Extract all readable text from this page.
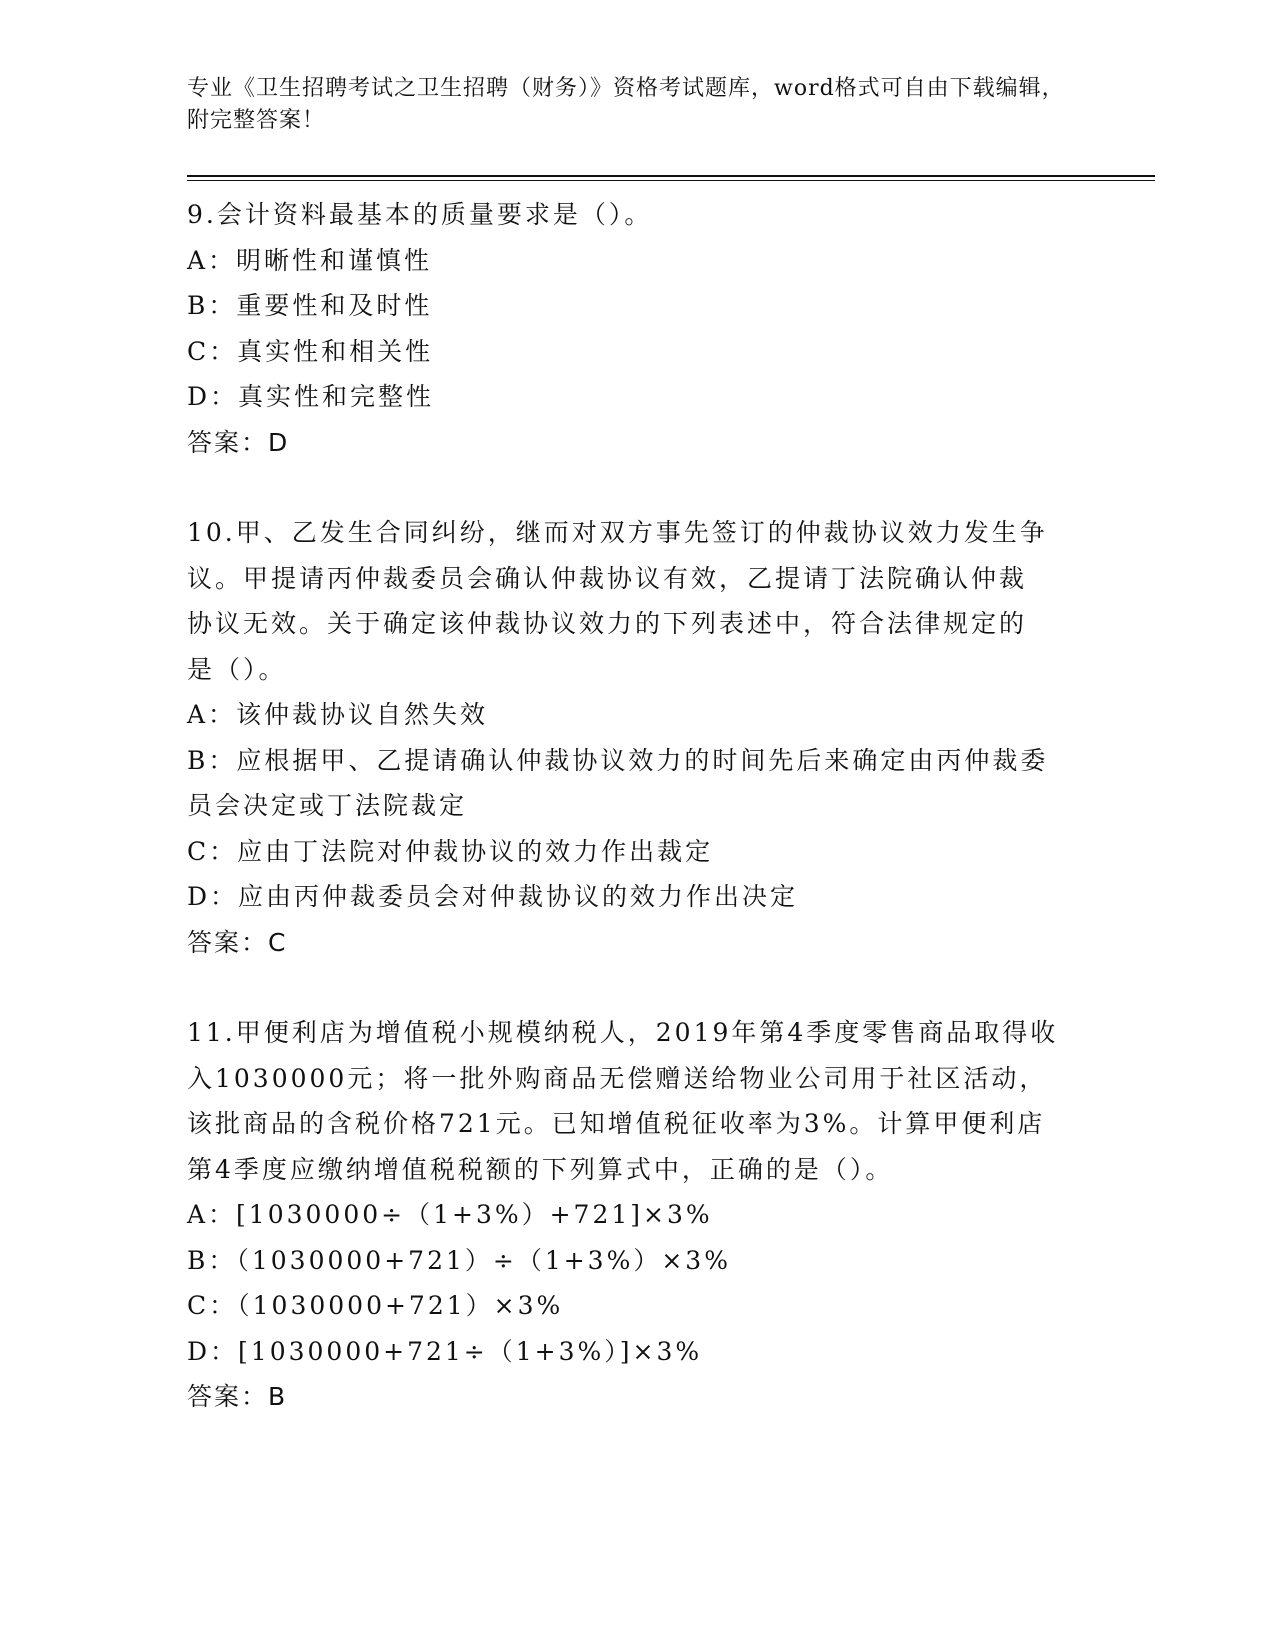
专业《卫生招聘考试之卫生招聘（财务）》资格考试题库，word格式可自由下载编辑，附完整答案！

9.会计资料最基本的质量要求是（）。

A：明晰性和谨慎性

B：重要性和及时性

C：真实性和相关性

D：真实性和完整性

答案：D

10.甲、乙发生合同纠纷，继而对双方事先签订的仲裁协议效力发生争

议。甲提请丙仲裁委员会确认仲裁协议有效，乙提请丁法院确认仲裁

协议无效。关于确定该仲裁协议效力的下列表述中，符合法律规定的

是（）。

A：该仲裁协议自然失效

B：应根据甲、乙提请确认仲裁协议效力的时间先后来确定由丙仲裁委

员会决定或丁法院裁定

C：应由丁法院对仲裁协议的效力作出裁定

D：应由丙仲裁委员会对仲裁协议的效力作出决定

答案：C

11.甲便利店为增值税小规模纳税人，2019年第4季度零售商品取得收

入1030000元；将一批外购商品无偿赠送给物业公司用于社区活动，

该批商品的含税价格721元。已知增值税征收率为3%。计算甲便利店

第4季度应缴纳增值税税额的下列算式中，正确的是（）。

A：[1030000÷（1+3%）+721]×3%

B：（1030000+721）÷（1+3%）×3%

C：（1030000+721）×3%

D：[1030000+721÷（1+3%）]×3%

答案：B
